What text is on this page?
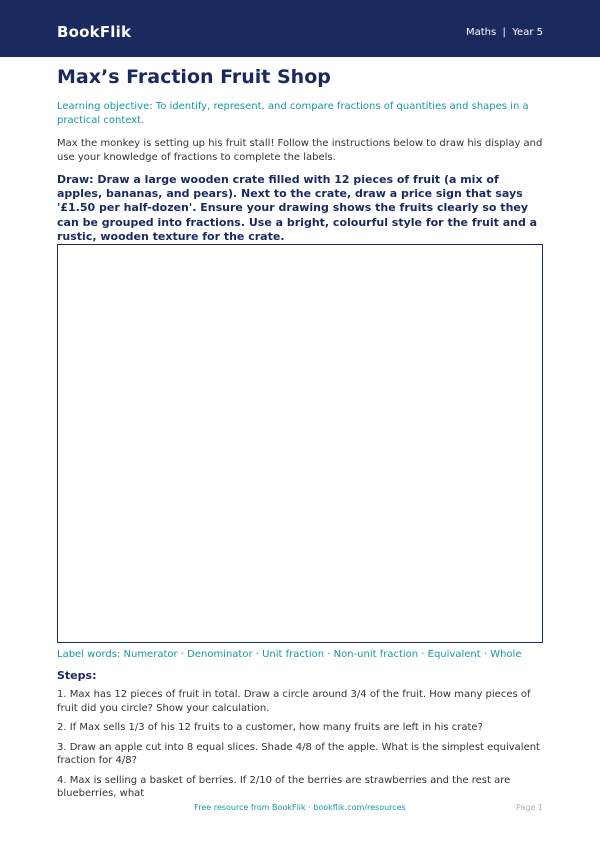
BookFlik	Maths | Year 5
Max’s Fraction Fruit Shop
Learning objective: To identify, represent, and compare fractions of quantities and shapes in a practical context.
Max the monkey is setting up his fruit stall! Follow the instructions below to draw his display and use your knowledge of fractions to complete the labels.
Draw: Draw a large wooden crate filled with 12 pieces of fruit (a mix of apples, bananas, and pears). Next to the crate, draw a price sign that says '£1.50 per half-dozen'. Ensure your drawing shows the fruits clearly so they can be grouped into fractions. Use a bright, colourful style for the fruit and a rustic, wooden texture for the crate.
Label words: Numerator · Denominator · Unit fraction · Non-unit fraction · Equivalent · Whole
Steps:
1. Max has 12 pieces of fruit in total. Draw a circle around 3/4 of the fruit. How many pieces of fruit did you circle? Show your calculation.
2. If Max sells 1/3 of his 12 fruits to a customer, how many fruits are left in his crate?
3. Draw an apple cut into 8 equal slices. Shade 4/8 of the apple. What is the simplest equivalent fraction for 4/8?
4. Max is selling a basket of berries. If 2/10 of the berries are strawberries and the rest are blueberries, what
Free resource from BookFlik · bookflik.com/resources	Page 1
